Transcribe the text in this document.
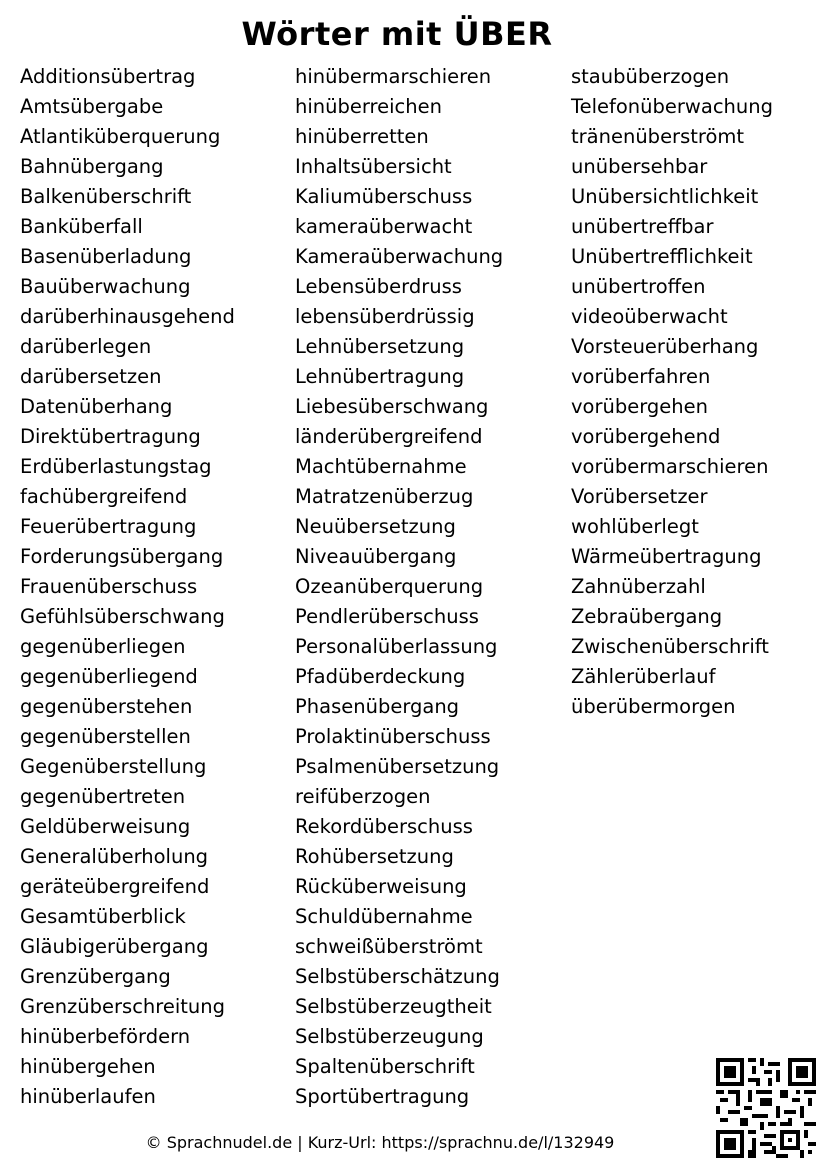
Wörter mit ÜBER
Additionsübertrag
Amtsübergabe
Atlantiküberquerung
Bahnübergang
Balkenüberschrift
Banküberfall
Basenüberladung
Bauüberwachung
darüberhinausgehend
darüberlegen
darübersetzen
Datenüberhang
Direktübertragung
Erdüberlastungstag
fachübergreifend
Feuerübertragung
Forderungsübergang
Frauenüberschuss
Gefühlsüberschwang
gegenüberliegen
gegenüberliegend
gegenüberstehen
gegenüberstellen
Gegenüberstellung
gegenübertreten
Geldüberweisung
Generalüberholung
geräteübergreifend
Gesamtüberblick
Gläubigerübergang
Grenzübergang
Grenzüberschreitung
hinüberbefördern
hinübergehen
hinüberlaufen
hinübermarschieren
hinüberreichen
hinüberretten
Inhaltsübersicht
Kaliumüberschuss
kameraüberwacht
Kameraüberwachung
Lebensüberdruss
lebensüberdrüssig
Lehnübersetzung
Lehnübertragung
Liebesüberschwang
länderübergreifend
Machtübernahme
Matratzenüberzug
Neuübersetzung
Niveauübergang
Ozeanüberquerung
Pendlerüberschuss
Personalüberlassung
Pfadüberdeckung
Phasenübergang
Prolaktinüberschuss
Psalmenübersetzung
reifüberzogen
Rekordüberschuss
Rohübersetzung
Rücküberweisung
Schuldübernahme
schweißüberströmt
Selbstüberschätzung
Selbstüberzeugtheit
Selbstüberzeugung
Spaltenüberschrift
Sportübertragung
staubüberzogen
Telefonüberwachung
tränenüberströmt
unübersehbar
Unübersichtlichkeit
unübertreffbar
Unübertrefflichkeit
unübertroffen
videoüberwacht
Vorsteuerüberhang
vorüberfahren
vorübergehen
vorübergehend
vorübermarschieren
Vorübersetzer
wohlüberlegt
Wärmeübertragung
Zahnüberzahl
Zebraübergang
Zwischenüberschrift
Zählerüberlauf
überübermorgen
© Sprachnudel.de | Kurz-Url: https://sprachnu.de/l/132949
